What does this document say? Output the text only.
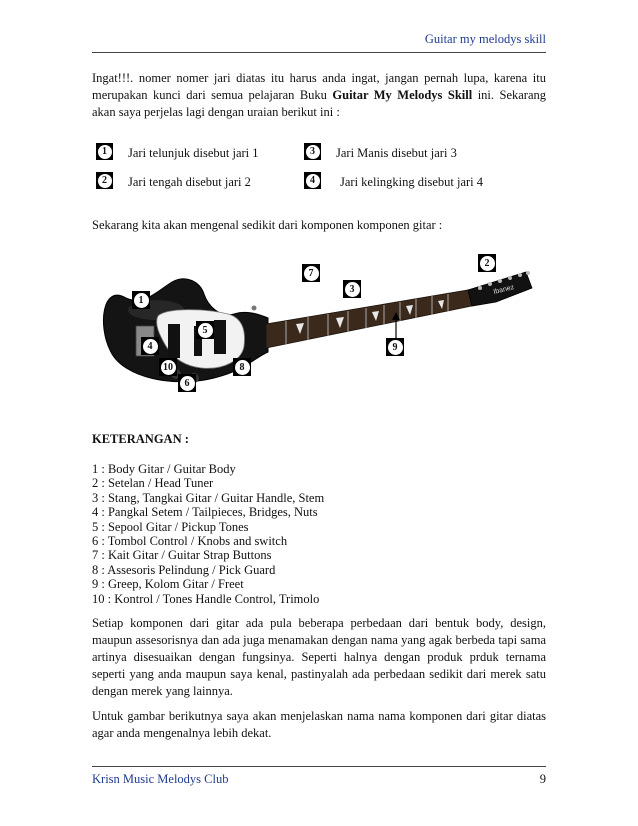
Guitar my melodys skill

Ingat!!!. nomer nomer jari diatas itu harus anda ingat, jangan pernah lupa, karena itu merupakan kunci dari semua pelajaran Buku Guitar My Melodys Skill ini. Sekarang akan saya perjelas lagi dengan uraian berikut ini :

1	Jari telunjuk disebut jari 1	3	Jari Manis disebut jari 3
2	Jari tengah disebut jari 2	4	Jari kelingking disebut jari 4

Sekarang kita akan mengenal sedikit dari komponen komponen gitar :

Ibanez
1
2
3
4
5
6
7
8
9
10
KETERANGAN :
1 : Body Gitar / Guitar Body
2 : Setelan / Head Tuner
3 : Stang, Tangkai Gitar / Guitar Handle, Stem
4 : Pangkal Setem / Tailpieces, Bridges, Nuts
5 : Sepool Gitar / Pickup Tones
6 : Tombol Control / Knobs and switch
7 : Kait Gitar / Guitar Strap Buttons
8 : Assesoris Pelindung / Pick Guard
9 : Greep, Kolom Gitar / Freet
10 : Kontrol / Tones Handle Control, Trimolo

Setiap komponen dari gitar ada pula beberapa perbedaan dari bentuk body, design, maupun assesorisnya dan ada juga menamakan dengan nama yang agak berbeda tapi sama artinya disesuaikan dengan fungsinya. Seperti halnya dengan produk prduk ternama seperti yang anda maupun saya kenal, pastinyalah ada perbedaan sedikit dari merek satu dengan merek yang lainnya.

Untuk gambar berikutnya saya akan menjelaskan nama nama komponen dari gitar diatas agar anda mengenalnya lebih dekat.

Krisn Music Melodys Club	9
